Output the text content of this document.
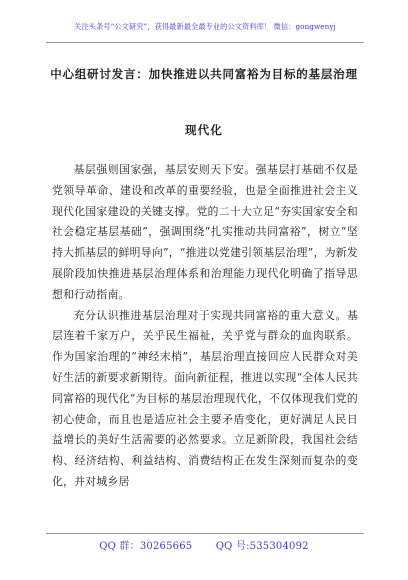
关注头条号“公文研究”，获得最新最全最专业的公文资料库！ 微信：gongwenyj
中心组研讨发言：加快推进以共同富裕为目标的基层治理
现代化

基层强则国家强，基层安则天下安。强基层打基础不仅是党领导革命、建设和改革的重要经验，也是全面推进社会主义现代化国家建设的关键支撑。党的二十大立足“夯实国家安全和社会稳定基层基础”，强调围绕“扎实推动共同富裕”，树立“坚持大抓基层的鲜明导向”，“推进以党建引领基层治理”，为新发展阶段加快推进基层治理体系和治理能力现代化明确了指导思想和行动指南。

充分认识推进基层治理对于实现共同富裕的重大意义。基层连着千家万户，关乎民生福祉，关乎党与群众的血肉联系。作为国家治理的“神经末梢”，基层治理直接回应人民群众对美好生活的新要求新期待。面向新征程，推进以实现“全体人民共同富裕的现代化”为目标的基层治理现代化，不仅体现我们党的初心使命，而且也是适应社会主要矛盾变化，更好满足人民日益增长的美好生活需要的必然要求。立足新阶段，我国社会结构、经济结构、利益结构、消费结构正在发生深刻而复杂的变化，并对城乡居

QQ 群：30265665 QQ 号:535304092
